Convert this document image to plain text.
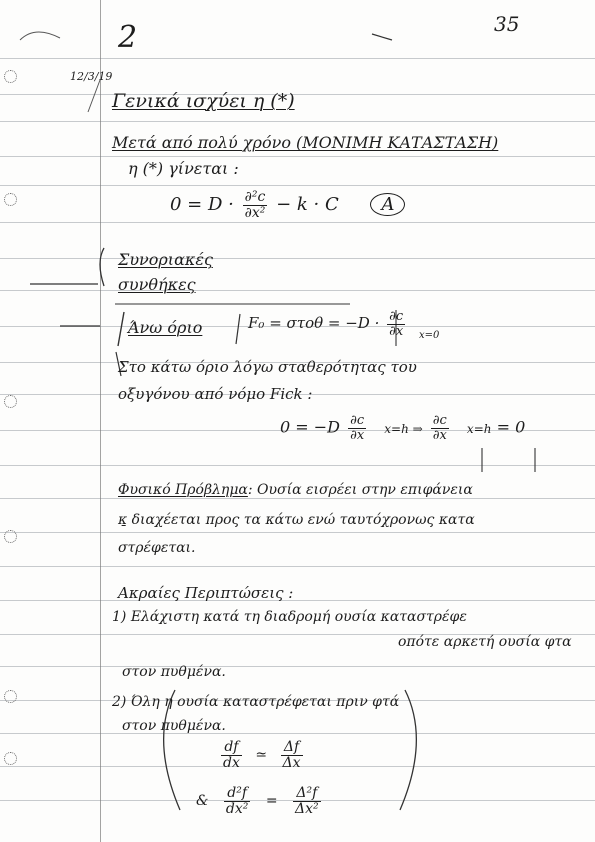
2	35
12/3/19
Γενικά ισχύει η (*)
Μετά από πολύ χρόνο (ΜΟΝΙΜΗ ΚΑΤΑΣΤΑΣΗ)
η (*) γίνεται :
$0 = D \cdot \frac{\text{∂²c}}{\text{∂x²}} - k \cdot C$ A
Συνοριακές
συνθήκες
Άνω όριο	$F_0 = \sigma\tau o\theta = -D \cdot \frac{\partial c}{\partial x} _{x=0}$
Στο κάτω όριο λόγω σταθερότητας του
οξυγόνου από νόμο Fick :
$0 = -D \frac{\partial c}{\partial x} x=h$ ⇒ $\frac{\partial c}{\partial x} x=h = 0$
Φυσικό Πρόβλημα: Ουσία εισρέει στην επιφάνεια
κ̱ διαχέεται προς τα κάτω ενώ ταυτόχρονως κατα
στρέφεται.
Ακραίες Περιπτώσεις :
1) Ελάχιστη κατά τη διαδρομή ουσία καταστρέφε
οπότε αρκετή ουσία φτα
στον πυθμένα.
2) Όλη η ουσία καταστρέφεται πριν φτά
στον πυθμένα.
$\frac{df}{dx}$ ≃ $\frac{\Delta f}{\Delta x}$
& $\frac{\text{d²f}}{\text{dx²}} = \frac{\text{Δ²f}}{\text{Δx²}}$
